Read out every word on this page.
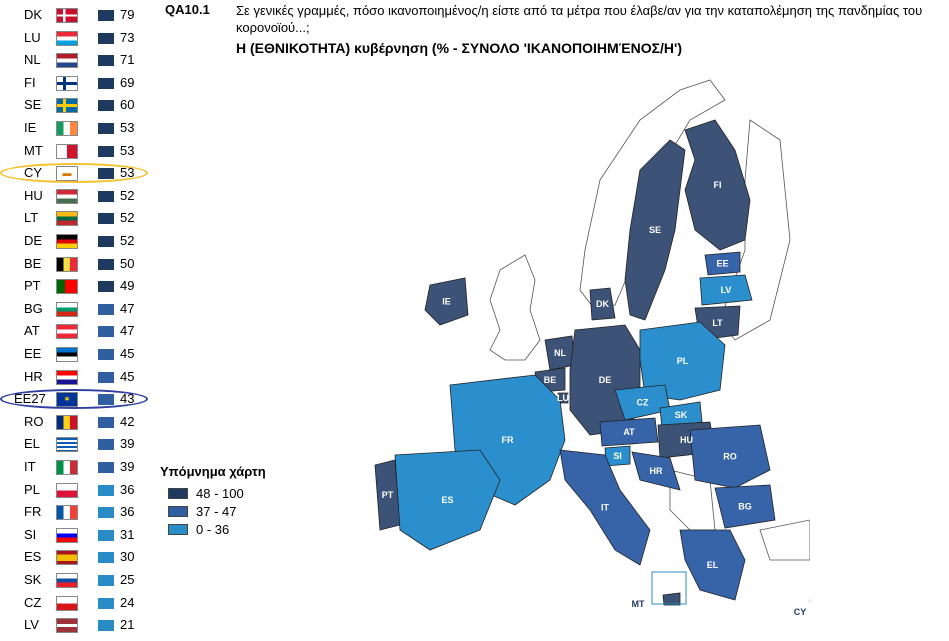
DK	79
LU	73
NL	71
FI	69
SE	60
IE	53
MT	53
CY	▬	53
HU	52
LT	52
DE	52
BE	50
PT	49
BG	47
AT	47
EE	45
HR	45
EE27	✶	43
RO	42
EL	39
IT	39
PL	36
FR	36
SI	31
ES	30
SK	25
CZ	24
LV	21
QA10.1 Σε γενικές γραμμές, πόσο ικανοποιημένος/η είστε από τα μέτρα που έλαβε/αν για την καταπολέμηση της πανδημίας του κορονοϊού...;
Η (ΕΘΝΙΚΟΤΗΤΑ) κυβέρνηση (% - ΣΥΝΟΛΟ 'ΙΚΑΝΟΠΟΙΗΜΈΝΟΣ/Η')
Υπόμνημα χάρτη
48 - 100
37 - 47
0 - 36
FI
SE
EE
LV
LT
DK
IE
NL
BE
LU
DE
PL
CZ
SK
AT
HU
SI
HR
RO
FR
PT	ES
IT	BG
EL
MT
CY
